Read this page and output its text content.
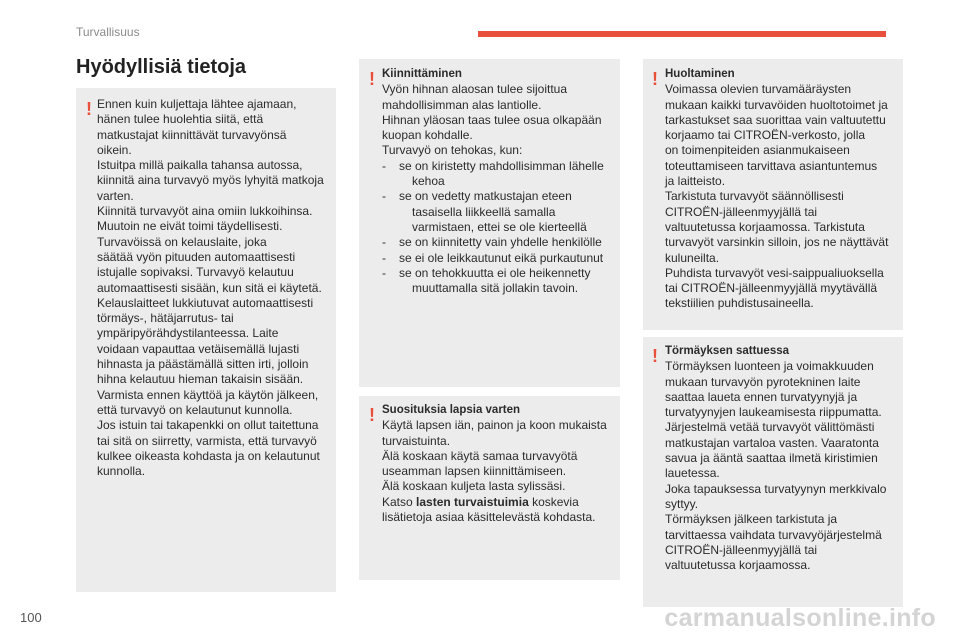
Turvallisuus
Hyödyllisiä tietoja
! Ennen kuin kuljettaja lähtee ajamaan,

hänen tulee huolehtia siitä, että

matkustajat kiinnittävät turvavyönsä

oikein.

Istuitpa millä paikalla tahansa autossa,

kiinnitä aina turvavyö myös lyhyitä matkoja

varten.

Kiinnitä turvavyöt aina omiin lukkoihinsa.

Muutoin ne eivät toimi täydellisesti.

Turvavöissä on kelauslaite, joka

säätää vyön pituuden automaattisesti

istujalle sopivaksi. Turvavyö kelautuu

automaattisesti sisään, kun sitä ei käytetä.

Kelauslaitteet lukkiutuvat automaattisesti

törmäys-, hätäjarrutus- tai

ympäripyörähdystilanteessa. Laite

voidaan vapauttaa vetäisemällä lujasti

hihnasta ja päästämällä sitten irti, jolloin

hihna kelautuu hieman takaisin sisään.

Varmista ennen käyttöä ja käytön jälkeen,

että turvavyö on kelautunut kunnolla.

Jos istuin tai takapenkki on ollut taitettuna

tai sitä on siirretty, varmista, että turvavyö

kulkee oikeasta kohdasta ja on kelautunut

kunnolla.

! Kiinnittäminen

Vyön hihnan alaosan tulee sijoittua

mahdollisimman alas lantiolle.

Hihnan yläosan taas tulee osua olkapään

kuopan kohdalle.

Turvavyö on tehokas, kun:

-	se on kiristetty mahdollisimman lähelle

kehoa

-	se on vedetty matkustajan eteen

tasaisella liikkeellä samalla

varmistaen, ettei se ole kierteellä

-	se on kiinnitetty vain yhdelle henkilölle

-	se ei ole leikkautunut eikä purkautunut

-	se on tehokkuutta ei ole heikennetty

muuttamalla sitä jollakin tavoin.

! Suosituksia lapsia varten

Käytä lapsen iän, painon ja koon mukaista

turvaistuinta.

Älä koskaan käytä samaa turvavyötä

useamman lapsen kiinnittämiseen.

Älä koskaan kuljeta lasta sylissäsi.

Katso lasten turvaistuimia koskevia

lisätietoja asiaa käsittelevästä kohdasta.

! Huoltaminen

Voimassa olevien turvamääräysten

mukaan kaikki turvavöiden huoltotoimet ja

tarkastukset saa suorittaa vain valtuutettu

korjaamo tai CITROËN-verkosto, jolla

on toimenpiteiden asianmukaiseen

toteuttamiseen tarvittava asiantuntemus

ja laitteisto.

Tarkistuta turvavyöt säännöllisesti

CITROËN-jälleenmyyjällä tai

valtuutetussa korjaamossa. Tarkistuta

turvavyöt varsinkin silloin, jos ne näyttävät

kuluneilta.

Puhdista turvavyöt vesi-saippualiuoksella

tai CITROËN-jälleenmyyjällä myytävällä

tekstiilien puhdistusaineella.

! Törmäyksen sattuessa

Törmäyksen luonteen ja voimakkuuden

mukaan turvavyön pyrotekninen laite

saattaa laueta ennen turvatyynyjä ja

turvatyynyjen laukeamisesta riippumatta.

Järjestelmä vetää turvavyöt välittömästi

matkustajan vartaloa vasten. Vaaratonta

savua ja ääntä saattaa ilmetä kiristimien

lauetessa.

Joka tapauksessa turvatyynyn merkkivalo

syttyy.

Törmäyksen jälkeen tarkistuta ja

tarvittaessa vaihdata turvavyöjärjestelmä

CITROËN-jälleenmyyjällä tai

valtuutetussa korjaamossa.

100	carmanualsonline.info
